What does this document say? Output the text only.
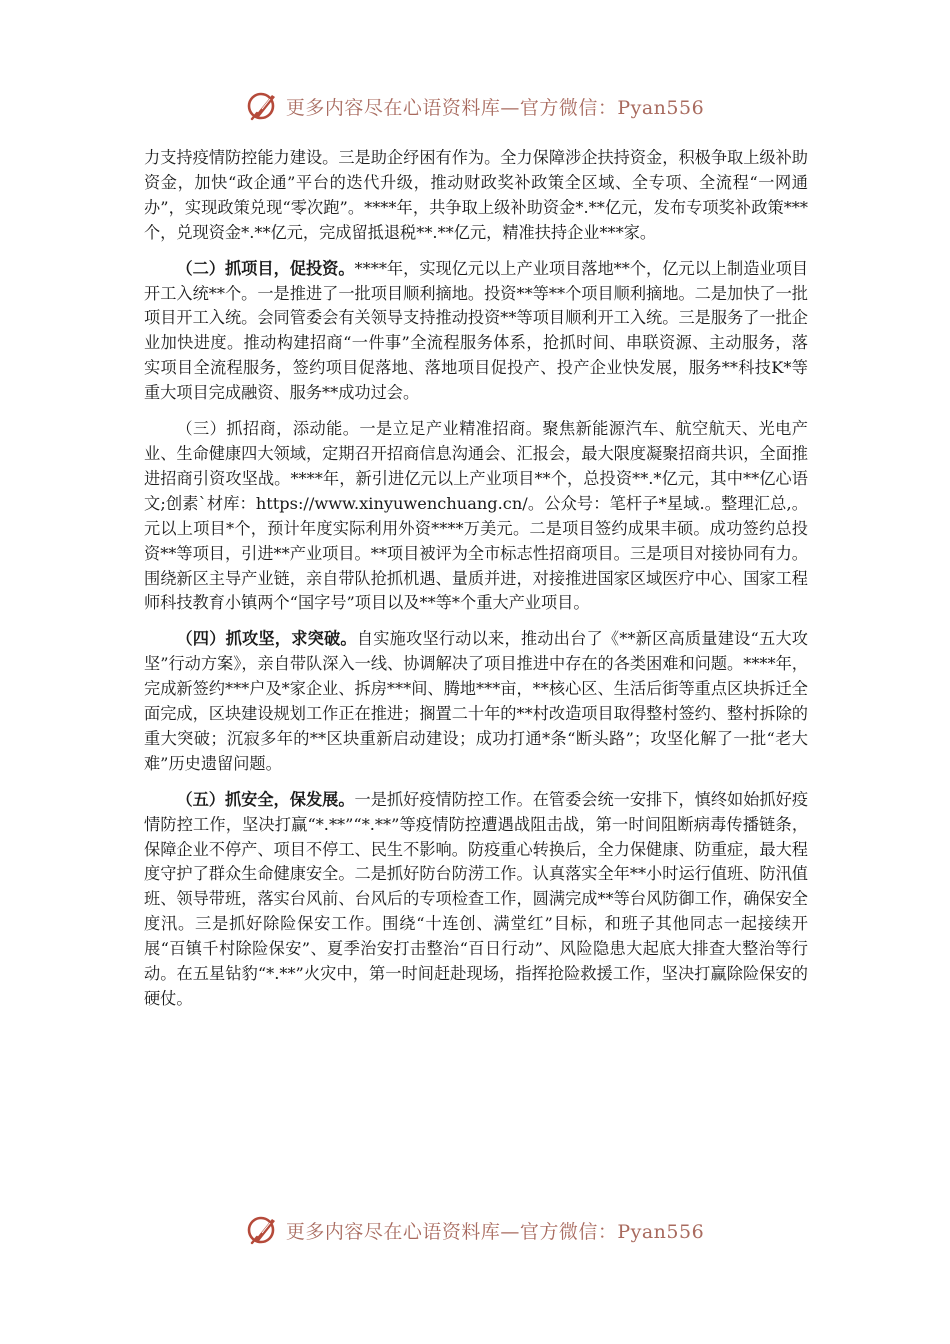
更多内容尽在心语资料库—官方微信：Pyan556

力支持疫情防控能力建设。三是助企纾困有作为。全力保障涉企扶持资金，积极争取上级补助资金，加快“政企通”平台的迭代升级，推动财政奖补政策全区域、全专项、全流程“一网通办”，实现政策兑现“零次跑”。****年，共争取上级补助资金*.**亿元，发布专项奖补政策***个，兑现资金*.**亿元，完成留抵退税**.**亿元，精准扶持企业***家。

（二）抓项目，促投资。****年，实现亿元以上产业项目落地**个，亿元以上制造业项目开工入统**个。一是推进了一批项目顺利摘地。投资**等**个项目顺利摘地。二是加快了一批项目开工入统。会同管委会有关领导支持推动投资**等项目顺利开工入统。三是服务了一批企业加快进度。推动构建招商“一件事”全流程服务体系，抢抓时间、串联资源、主动服务，落实项目全流程服务，签约项目促落地、落地项目促投产、投产企业快发展，服务**科技K*等重大项目完成融资、服务**成功过会。

（三）抓招商，添动能。一是立足产业精准招商。聚焦新能源汽车、航空航天、光电产业、生命健康四大领域，定期召开招商信息沟通会、汇报会，最大限度凝聚招商共识，全面推进招商引资攻坚战。****年，新引进亿元以上产业项目**个，总投资**.*亿元，其中**亿心语文;创素`材库：https://www.xinyuwenchuang.cn/。公众号：笔杆子*星域.。整理汇总,。元以上项目*个，预计年度实际利用外资****万美元。二是项目签约成果丰硕。成功签约总投资**等项目，引进**产业项目。**项目被评为全市标志性招商项目。三是项目对接协同有力。围绕新区主导产业链，亲自带队抢抓机遇、量质并进，对接推进国家区域医疗中心、国家工程师科技教育小镇两个“国字号”项目以及**等*个重大产业项目。

（四）抓攻坚，求突破。自实施攻坚行动以来，推动出台了《**新区高质量建设“五大攻坚”行动方案》，亲自带队深入一线、协调解决了项目推进中存在的各类困难和问题。****年，完成新签约***户及*家企业、拆房***间、腾地***亩，**核心区、生活后街等重点区块拆迁全面完成，区块建设规划工作正在推进；搁置二十年的**村改造项目取得整村签约、整村拆除的重大突破；沉寂多年的**区块重新启动建设；成功打通*条“断头路”；攻坚化解了一批“老大难”历史遗留问题。

（五）抓安全，保发展。一是抓好疫情防控工作。在管委会统一安排下，慎终如始抓好疫情防控工作，坚决打赢“*.**”“*.**”等疫情防控遭遇战阻击战，第一时间阻断病毒传播链条，保障企业不停产、项目不停工、民生不影响。防疫重心转换后，全力保健康、防重症，最大程度守护了群众生命健康安全。二是抓好防台防涝工作。认真落实全年**小时运行值班、防汛值班、领导带班，落实台风前、台风后的专项检查工作，圆满完成**等台风防御工作，确保安全度汛。三是抓好除险保安工作。围绕“十连创、满堂红”目标，和班子其他同志一起接续开展“百镇千村除险保安”、夏季治安打击整治“百日行动”、风险隐患大起底大排查大整治等行动。在五星钻豹“*.**”火灾中，第一时间赶赴现场，指挥抢险救援工作，坚决打赢除险保安的硬仗。

更多内容尽在心语资料库—官方微信：Pyan556
